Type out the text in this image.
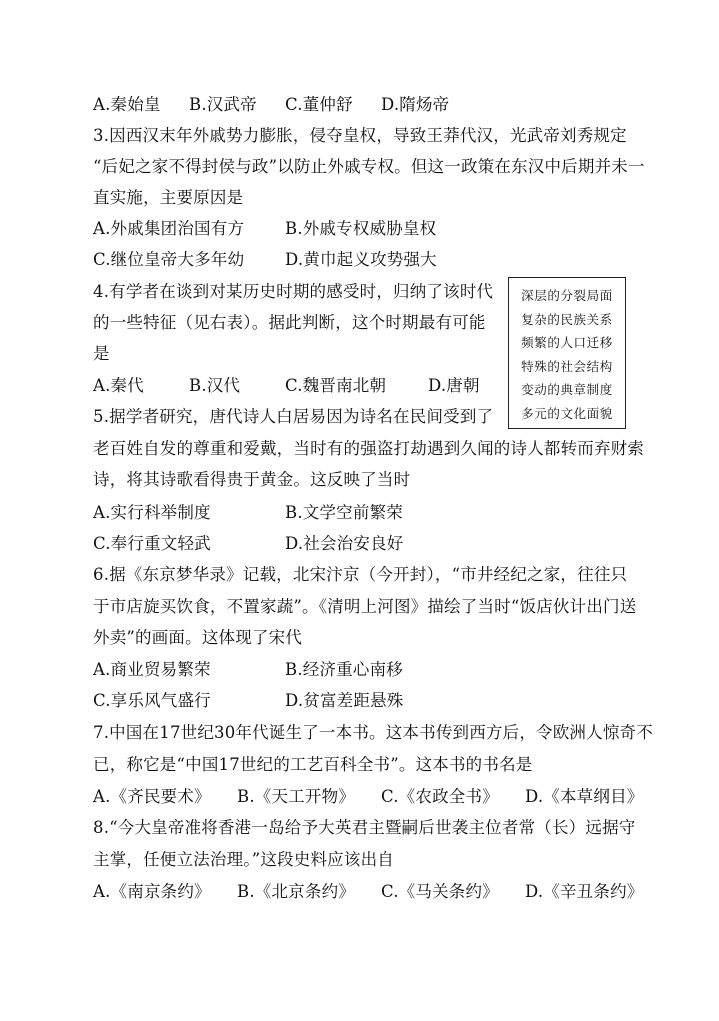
A.秦始皇 B.汉武帝 C.董仲舒 D.隋炀帝
3.因西汉末年外戚势力膨胀，侵夺皇权，导致王莽代汉，光武帝刘秀规定
“后妃之家不得封侯与政”以防止外戚专权。但这一政策在东汉中后期并未一
直实施，主要原因是
A.外戚集团治国有方 B.外戚专权威胁皇权
C.继位皇帝大多年幼 D.黄巾起义攻势强大
4.有学者在谈到对某历史时期的感受时，归纳了该时代
的一些特征（见右表）。据此判断，这个时期最有可能
是
A.秦代	B.汉代	C.魏晋南北朝	D.唐朝
深层的分裂局面
复杂的民族关系
频繁的人口迁移
特殊的社会结构
变动的典章制度
多元的文化面貌
5.据学者研究，唐代诗人白居易因为诗名在民间受到了
老百姓自发的尊重和爱戴，当时有的强盗打劫遇到久闻的诗人都转而弃财索
诗，将其诗歌看得贵于黄金。这反映了当时
A.实行科举制度	B.文学空前繁荣
C.奉行重文轻武	D.社会治安良好
6.据《东京梦华录》记载，北宋汴京（今开封），“市井经纪之家，往往只
于市店旋买饮食，不置家蔬”。《清明上河图》描绘了当时“饭店伙计出门送
外卖”的画面。这体现了宋代
A.商业贸易繁荣	B.经济重心南移
C.享乐风气盛行	D.贫富差距悬殊
7.中国在17世纪30年代诞生了一本书。这本书传到西方后，令欧洲人惊奇不
已，称它是“中国17世纪的工艺百科全书”。这本书的书名是
A.《齐民要术》 B.《天工开物》 C.《农政全书》 D.《本草纲目》
8.“今大皇帝准将香港一岛给予大英君主暨嗣后世袭主位者常（长）远据守
主掌，任便立法治理。”这段史料应该出自
A.《南京条约》 B.《北京条约》 C.《马关条约》 D.《辛丑条约》
